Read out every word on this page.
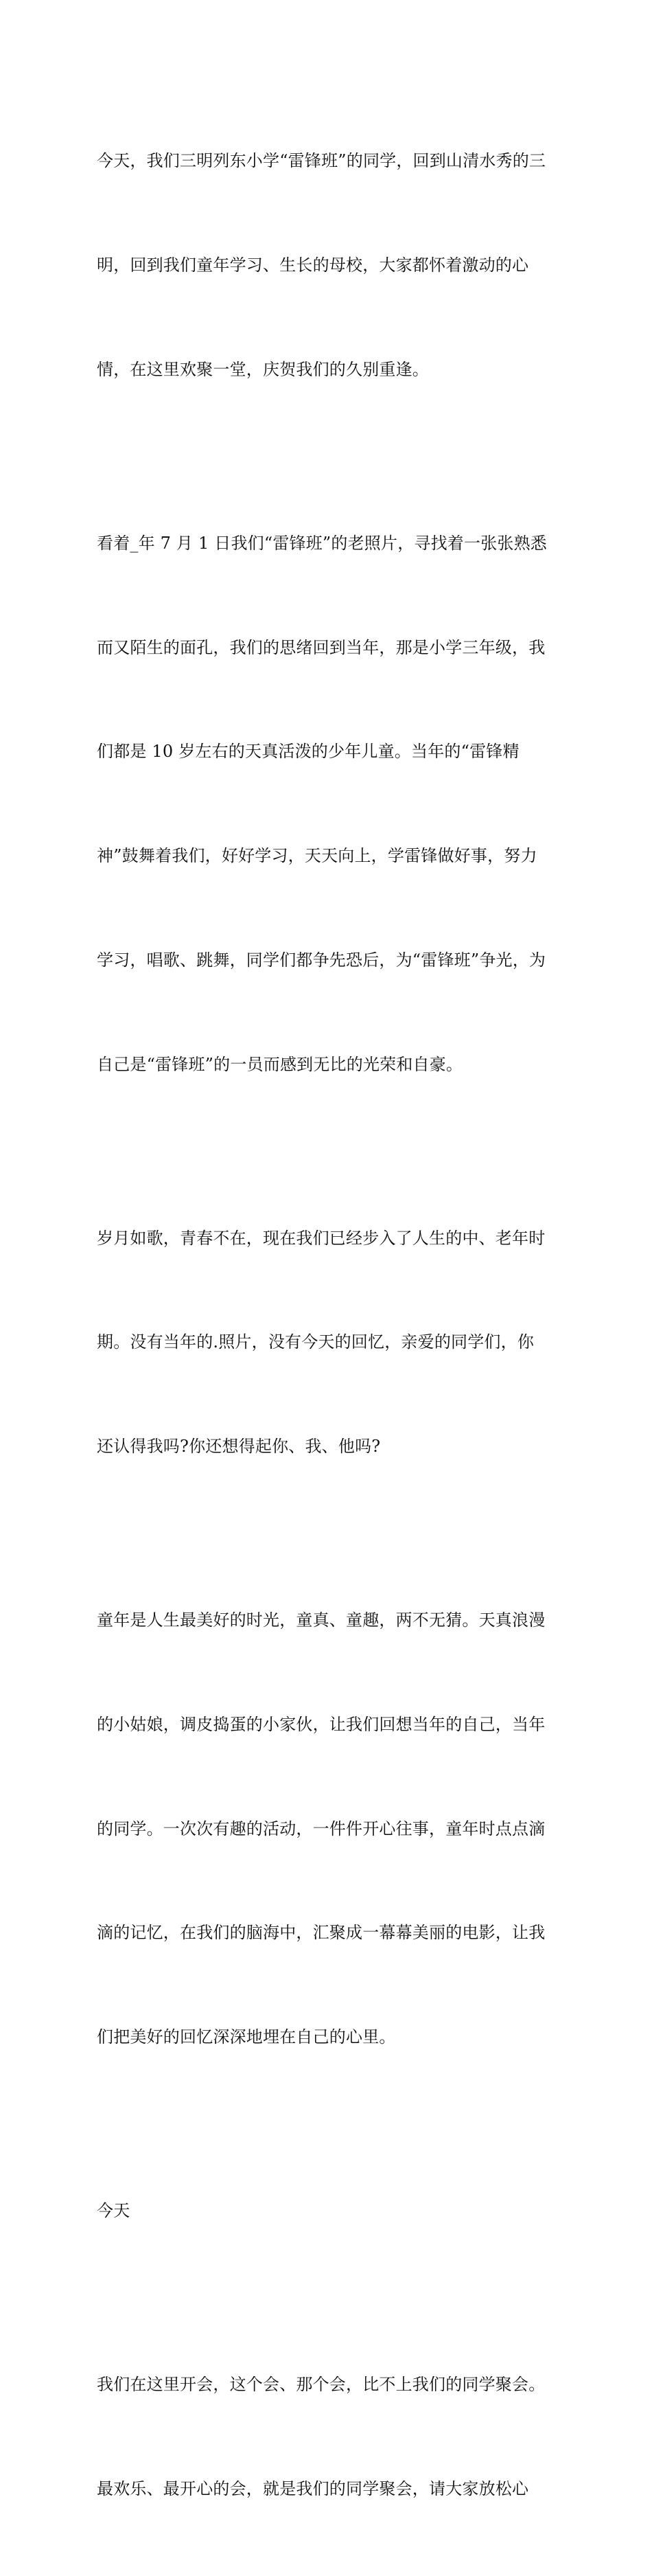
今天，我们三明列东小学“雷锋班”的同学，回到山清水秀的三

明，回到我们童年学习、生长的母校，大家都怀着激动的心

情，在这里欢聚一堂，庆贺我们的久别重逢。

看着_年 7 月 1 日我们“雷锋班”的老照片，寻找着一张张熟悉

而又陌生的面孔，我们的思绪回到当年，那是小学三年级，我

们都是 10 岁左右的天真活泼的少年儿童。当年的“雷锋精

神”鼓舞着我们，好好学习，天天向上，学雷锋做好事，努力

学习，唱歌、跳舞，同学们都争先恐后，为“雷锋班”争光，为

自己是“雷锋班”的一员而感到无比的光荣和自豪。

岁月如歌，青春不在，现在我们已经步入了人生的中、老年时

期。没有当年的.照片，没有今天的回忆，亲爱的同学们，你

还认得我吗?你还想得起你、我、他吗?

童年是人生最美好的时光，童真、童趣，两不无猜。天真浪漫

的小姑娘，调皮捣蛋的小家伙，让我们回想当年的自己，当年

的同学。一次次有趣的活动，一件件开心往事，童年时点点滴

滴的记忆，在我们的脑海中，汇聚成一幕幕美丽的电影，让我

们把美好的回忆深深地埋在自己的心里。

今天

我们在这里开会，这个会、那个会，比不上我们的同学聚会。

最欢乐、最开心的会，就是我们的同学聚会，请大家放松心
